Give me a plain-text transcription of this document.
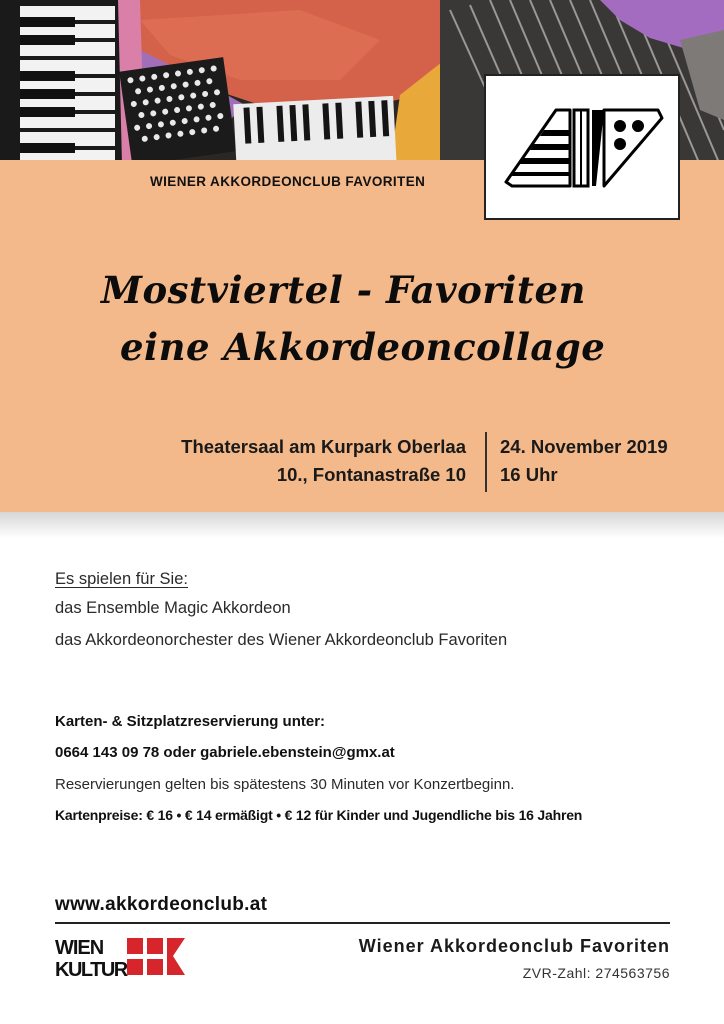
WIENER AKKORDEONCLUB FAVORITEN
Mostviertel - Favoriten
eine Akkordeoncollage
Theatersaal am Kurpark Oberlaa
10., Fontanastraße 10
24. November 2019
16 Uhr
Es spielen für Sie:
das Ensemble Magic Akkordeon
das Akkordeonorchester des Wiener Akkordeonclub Favoriten
Karten- & Sitzplatzreservierung unter:
0664 143 09 78 oder gabriele.ebenstein@gmx.at
Reservierungen gelten bis spätestens 30 Minuten vor Konzertbeginn.
Kartenpreise: € 16 • € 14 ermäßigt • € 12 für Kinder und Jugendliche bis 16 Jahren
www.akkordeonclub.at
WIEN
KULTUR
Wiener Akkordeonclub Favoriten
ZVR-Zahl: 274563756
